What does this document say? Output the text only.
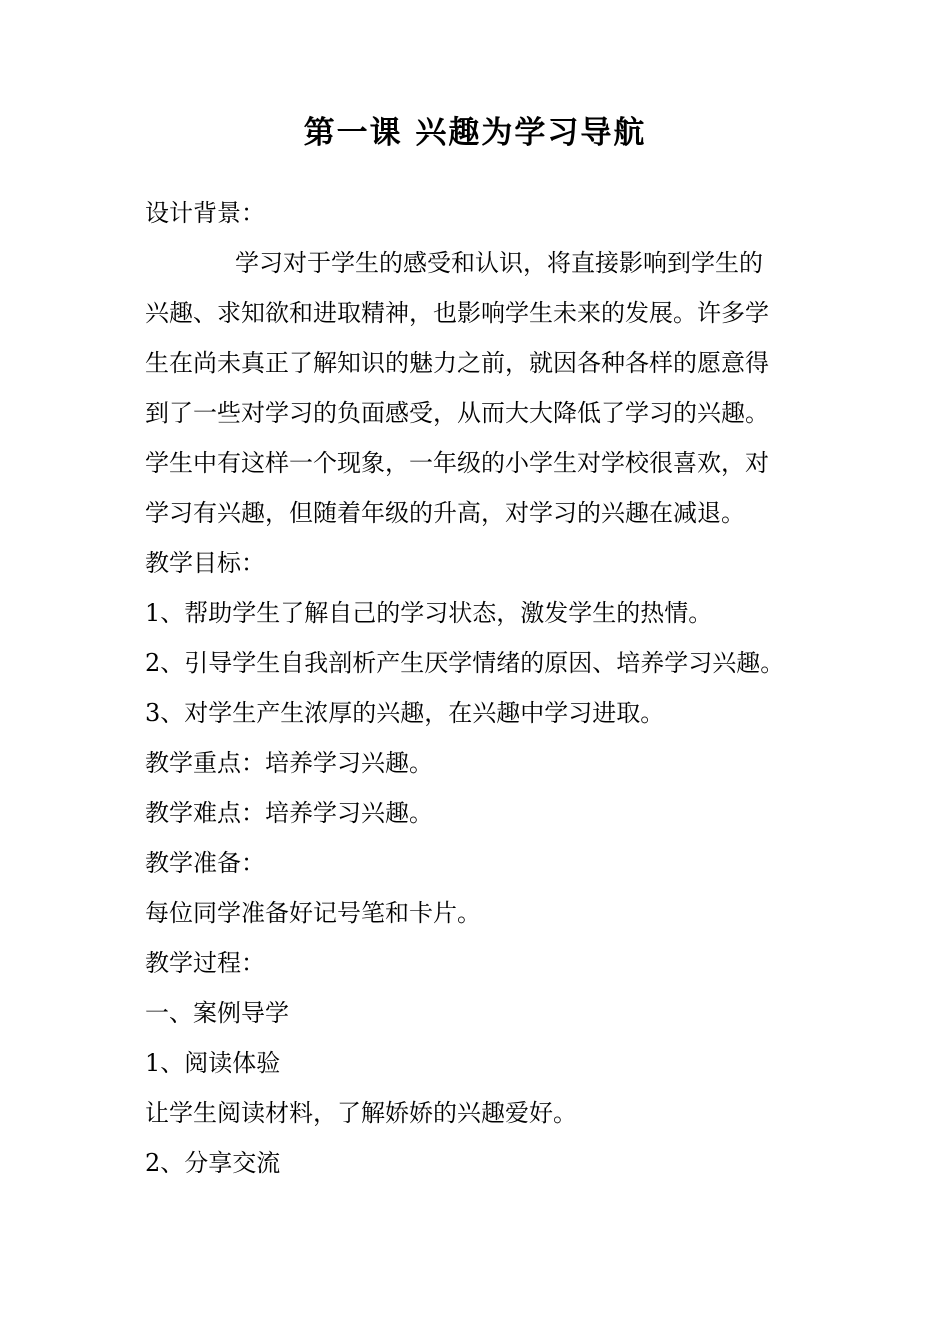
第一课 兴趣为学习导航

设计背景：

学习对于学生的感受和认识，将直接影响到学生的

兴趣、求知欲和进取精神，也影响学生未来的发展。许多学

生在尚未真正了解知识的魅力之前，就因各种各样的愿意得

到了一些对学习的负面感受，从而大大降低了学习的兴趣。

学生中有这样一个现象，一年级的小学生对学校很喜欢，对

学习有兴趣，但随着年级的升高，对学习的兴趣在减退。

教学目标：

1、帮助学生了解自己的学习状态，激发学生的热情。

2、引导学生自我剖析产生厌学情绪的原因、培养学习兴趣。

3、对学生产生浓厚的兴趣，在兴趣中学习进取。

教学重点：培养学习兴趣。

教学难点：培养学习兴趣。

教学准备：

每位同学准备好记号笔和卡片。

教学过程：

一、案例导学

1、阅读体验

让学生阅读材料，了解娇娇的兴趣爱好。

2、分享交流
